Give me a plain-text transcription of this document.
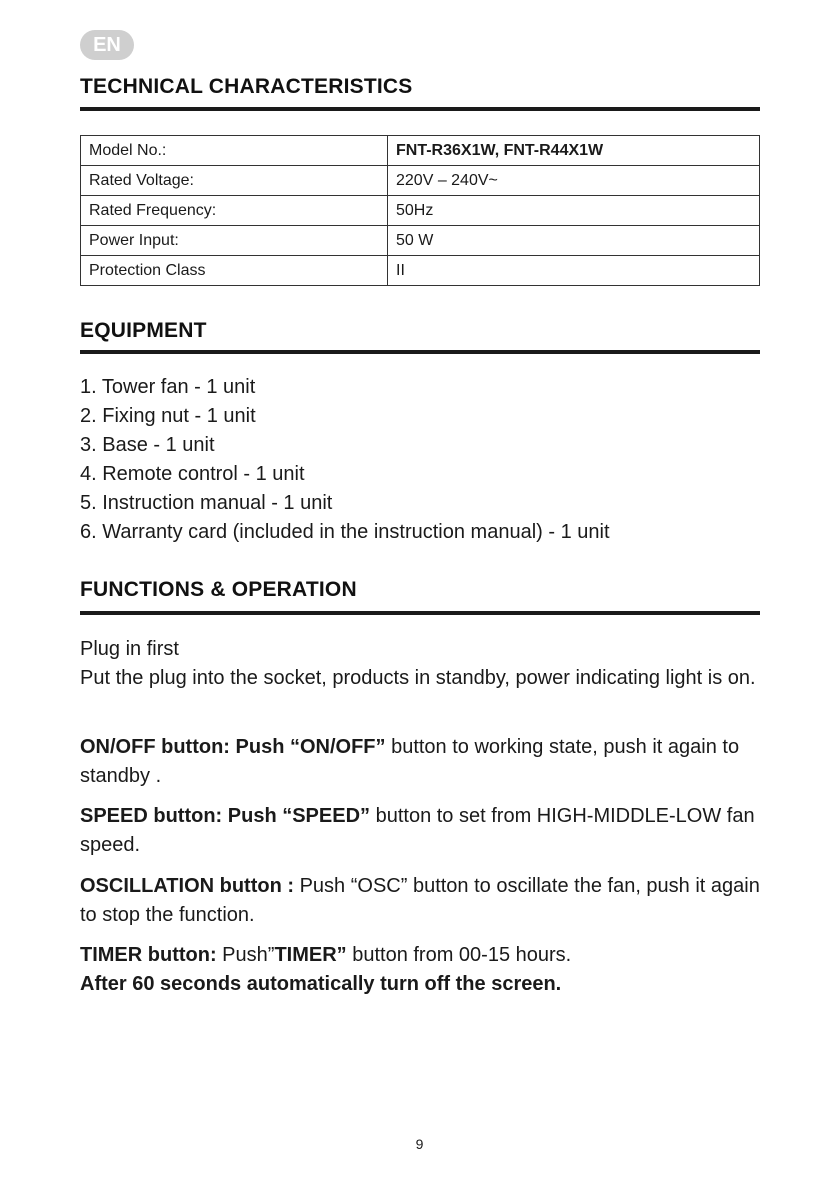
EN
TECHNICAL CHARACTERISTICS
Model No.:	FNT-R36X1W, FNT-R44X1W
Rated Voltage:	220V – 240V~
Rated Frequency:	50Hz
Power Input:	50 W
Protection Class	II
EQUIPMENT
1. Tower fan - 1 unit
2. Fixing nut - 1 unit
3. Base - 1 unit
4. Remote control - 1 unit
5. Instruction manual - 1 unit
6. Warranty card (included in the instruction manual) - 1 unit
FUNCTIONS & OPERATION

Plug in first
Put the plug into the socket, products in standby, power indicating light is on.

ON/OFF button: Push “ON/OFF” button to working state, push it again to standby .

SPEED button: Push “SPEED” button to set from HIGH-MIDDLE-LOW fan speed.

OSCILLATION button : Push “OSC” button to oscillate the fan, push it again to stop the function.

TIMER button: Push”TIMER” button from 00-15 hours.
After 60 seconds automatically turn off the screen.

9
